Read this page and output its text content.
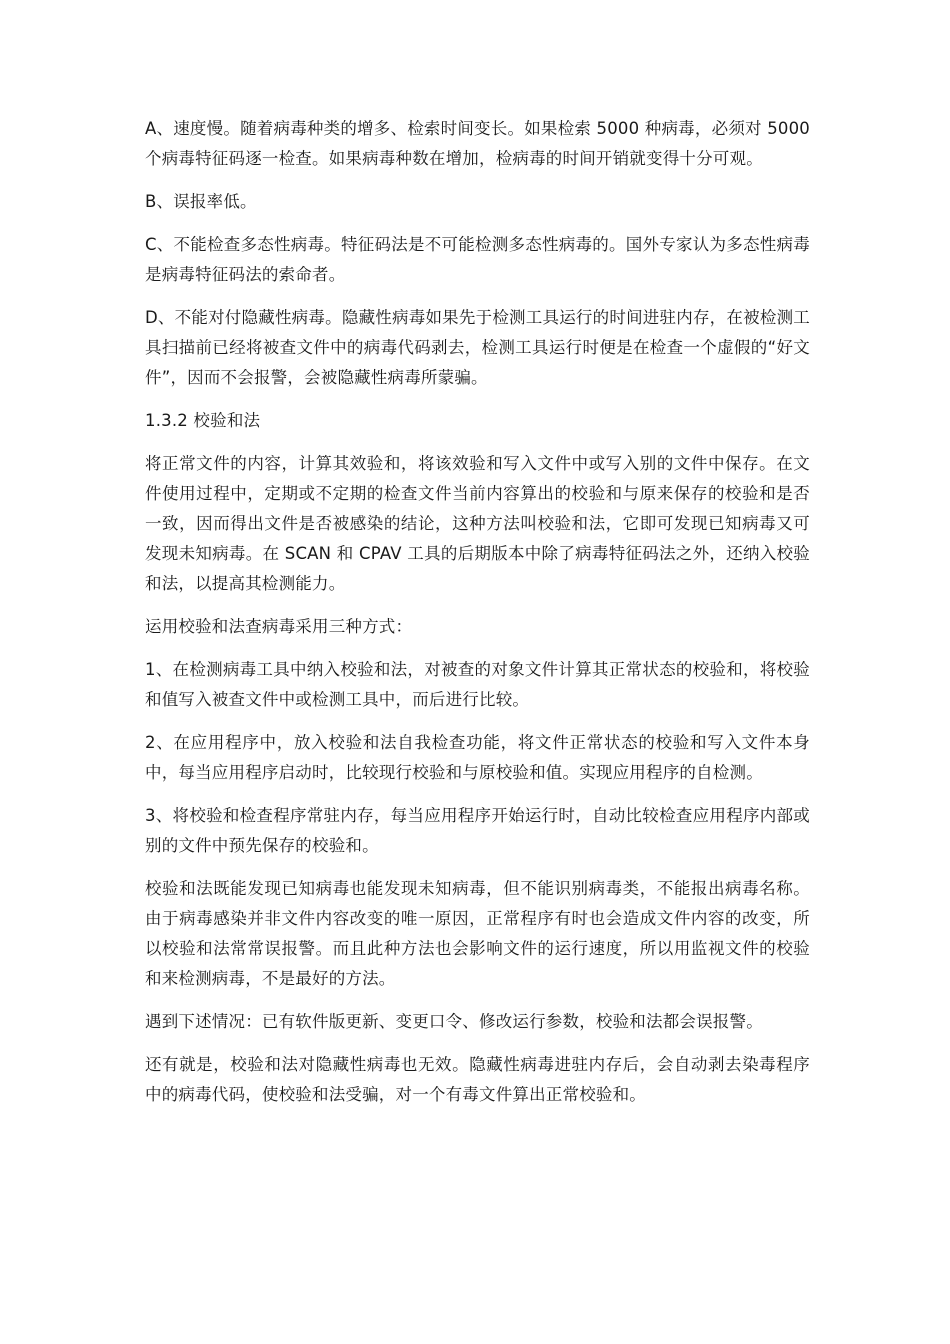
A、速度慢。随着病毒种类的增多、检索时间变长。如果检索 5000 种病毒，必须对 5000 个病毒特征码逐一检查。如果病毒种数在增加，检病毒的时间开销就变得十分可观。

B、误报率低。

C、不能检查多态性病毒。特征码法是不可能检测多态性病毒的。国外专家认为多态性病毒是病毒特征码法的索命者。

D、不能对付隐藏性病毒。隐藏性病毒如果先于检测工具运行的时间进驻内存，在被检测工具扫描前已经将被查文件中的病毒代码剥去，检测工具运行时便是在检查一个虚假的“好文件”，因而不会报警，会被隐藏性病毒所蒙骗。

1.3.2 校验和法

将正常文件的内容，计算其效验和，将该效验和写入文件中或写入别的文件中保存。在文件使用过程中，定期或不定期的检查文件当前内容算出的校验和与原来保存的校验和是否一致，因而得出文件是否被感染的结论，这种方法叫校验和法，它即可发现已知病毒又可发现未知病毒。在 SCAN 和 CPAV 工具的后期版本中除了病毒特征码法之外，还纳入校验和法，以提高其检测能力。

运用校验和法查病毒采用三种方式：

1、在检测病毒工具中纳入校验和法，对被查的对象文件计算其正常状态的校验和，将校验和值写入被查文件中或检测工具中，而后进行比较。

2、在应用程序中，放入校验和法自我检查功能，将文件正常状态的校验和写入文件本身中，每当应用程序启动时，比较现行校验和与原校验和值。实现应用程序的自检测。

3、将校验和检查程序常驻内存，每当应用程序开始运行时，自动比较检查应用程序内部或别的文件中预先保存的校验和。

校验和法既能发现已知病毒也能发现未知病毒，但不能识别病毒类，不能报出病毒名称。由于病毒感染并非文件内容改变的唯一原因，正常程序有时也会造成文件内容的改变，所以校验和法常常误报警。而且此种方法也会影响文件的运行速度，所以用监视文件的校验和来检测病毒，不是最好的方法。

遇到下述情况：已有软件版更新、变更口令、修改运行参数，校验和法都会误报警。

还有就是，校验和法对隐藏性病毒也无效。隐藏性病毒进驻内存后，会自动剥去染毒程序中的病毒代码，使校验和法受骗，对一个有毒文件算出正常校验和。
